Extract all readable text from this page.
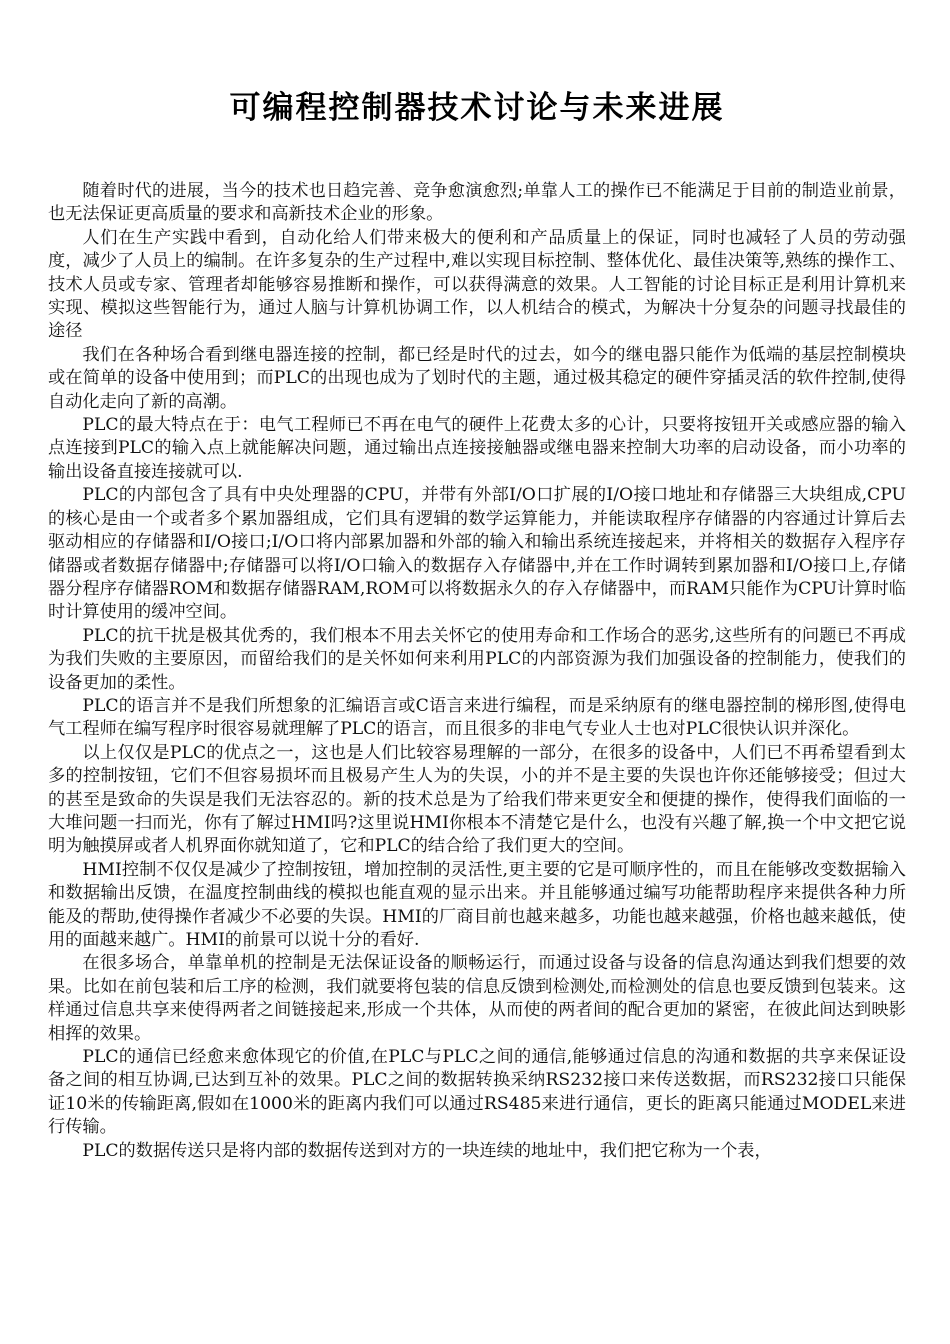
可编程控制器技术讨论与未来进展

随着时代的进展，当今的技术也日趋完善、竞争愈演愈烈;单靠人工的操作已不能满足于目前的制造业前景，也无法保证更高质量的要求和高新技术企业的形象。

人们在生产实践中看到，自动化给人们带来极大的便利和产品质量上的保证，同时也减轻了人员的劳动强度，减少了人员上的编制。在许多复杂的生产过程中,难以实现目标控制、整体优化、最佳决策等,熟练的操作工、技术人员或专家、管理者却能够容易推断和操作，可以获得满意的效果。人工智能的讨论目标正是利用计算机来实现、模拟这些智能行为，通过人脑与计算机协调工作，以人机结合的模式，为解决十分复杂的问题寻找最佳的途径

我们在各种场合看到继电器连接的控制，都已经是时代的过去，如今的继电器只能作为低端的基层控制模块或在简单的设备中使用到；而PLC的出现也成为了划时代的主题，通过极其稳定的硬件穿插灵活的软件控制,使得自动化走向了新的高潮。

PLC的最大特点在于：电气工程师已不再在电气的硬件上花费太多的心计，只要将按钮开关或感应器的输入点连接到PLC的输入点上就能解决问题，通过输出点连接接触器或继电器来控制大功率的启动设备，而小功率的输出设备直接连接就可以.

PLC的内部包含了具有中央处理器的CPU，并带有外部I/O口扩展的I/O接口地址和存储器三大块组成,CPU的核心是由一个或者多个累加器组成，它们具有逻辑的数学运算能力，并能读取程序存储器的内容通过计算后去驱动相应的存储器和I/O接口;I/O口将内部累加器和外部的输入和输出系统连接起来，并将相关的数据存入程序存储器或者数据存储器中;存储器可以将I/O口输入的数据存入存储器中,并在工作时调转到累加器和I/O接口上,存储器分程序存储器ROM和数据存储器RAM,ROM可以将数据永久的存入存储器中，而RAM只能作为CPU计算时临时计算使用的缓冲空间。

PLC的抗干扰是极其优秀的，我们根本不用去关怀它的使用寿命和工作场合的恶劣,这些所有的问题已不再成为我们失败的主要原因，而留给我们的是关怀如何来利用PLC的内部资源为我们加强设备的控制能力，使我们的设备更加的柔性。

PLC的语言并不是我们所想象的汇编语言或C语言来进行编程，而是采纳原有的继电器控制的梯形图,使得电气工程师在编写程序时很容易就理解了PLC的语言，而且很多的非电气专业人士也对PLC很快认识并深化。

以上仅仅是PLC的优点之一，这也是人们比较容易理解的一部分，在很多的设备中，人们已不再希望看到太多的控制按钮，它们不但容易损坏而且极易产生人为的失误，小的并不是主要的失误也许你还能够接受；但过大的甚至是致命的失误是我们无法容忍的。新的技术总是为了给我们带来更安全和便捷的操作，使得我们面临的一大堆问题一扫而光，你有了解过HMI吗?这里说HMI你根本不清楚它是什么，也没有兴趣了解,换一个中文把它说明为触摸屏或者人机界面你就知道了，它和PLC的结合给了我们更大的空间。

HMI控制不仅仅是减少了控制按钮，增加控制的灵活性,更主要的它是可顺序性的，而且在能够改变数据输入和数据输出反馈，在温度控制曲线的模拟也能直观的显示出来。并且能够通过编写功能帮助程序来提供各种力所能及的帮助,使得操作者减少不必要的失误。HMI的厂商目前也越来越多，功能也越来越强，价格也越来越低，使用的面越来越广。HMI的前景可以说十分的看好.

在很多场合，单靠单机的控制是无法保证设备的顺畅运行，而通过设备与设备的信息沟通达到我们想要的效果。比如在前包装和后工序的检测，我们就要将包装的信息反馈到检测处,而检测处的信息也要反馈到包装来。这样通过信息共享来使得两者之间链接起来,形成一个共体，从而使的两者间的配合更加的紧密，在彼此间达到映影相挥的效果。

PLC的通信已经愈来愈体现它的价值,在PLC与PLC之间的通信,能够通过信息的沟通和数据的共享来保证设备之间的相互协调,已达到互补的效果。PLC之间的数据转换采纳RS232接口来传送数据，而RS232接口只能保证10米的传输距离,假如在1000米的距离内我们可以通过RS485来进行通信，更长的距离只能通过MODEL来进行传输。

PLC的数据传送只是将内部的数据传送到对方的一块连续的地址中，我们把它称为一个表，
